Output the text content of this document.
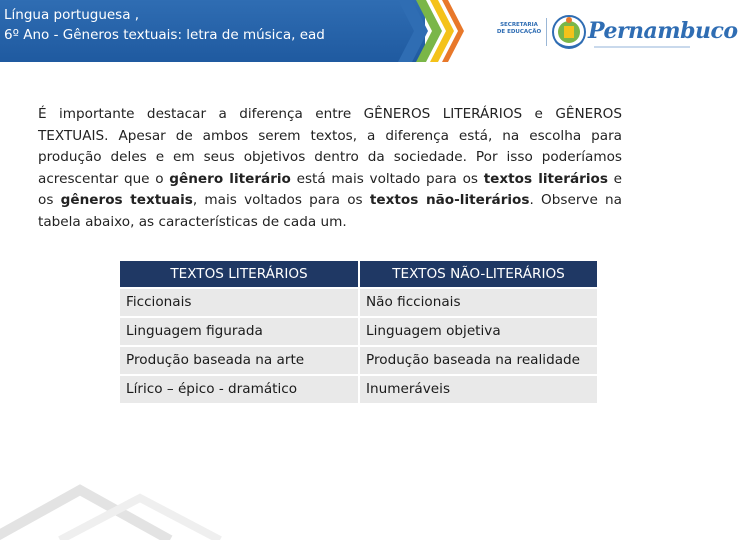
Língua portuguesa ,
6º Ano - Gêneros textuais: letra de música, ead
SECRETARIA DE EDUCAÇÃO Pernambuco
É importante destacar a diferença entre GÊNEROS LITERÁRIOS e GÊNEROS TEXTUAIS. Apesar de ambos serem textos, a diferença está, na escolha para produção deles e em seus objetivos dentro da sociedade. Por isso poderíamos acrescentar que o gênero literário está mais voltado para os textos literários e os gêneros textuais, mais voltados para os textos não-literários. Observe na tabela abaixo, as características de cada um.
TEXTOS LITERÁRIOS	TEXTOS NÃO-LITERÁRIOS
Ficcionais	Não ficcionais
Linguagem figurada	Linguagem objetiva
Produção baseada na arte	Produção baseada na realidade
Lírico – épico - dramático	Inumeráveis
